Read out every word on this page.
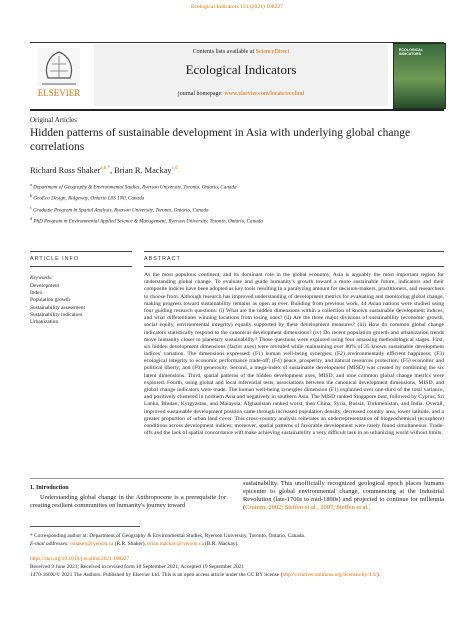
Ecological Indicators 131 (2021) 108227
ELSEVIER
Contents lists available at ScienceDirect
Ecological Indicators
journal homepage: www.elsevier.com/locate/ecolind
ECOLOGICAL INDICATORS
Original Articles
Hidden patterns of sustainable development in Asia with underlying global change correlations
Richard Ross Shaker$^{a,b,*}$, Brian R. Mackay$^{c,d}$
$^a$ Department of Geography & Environmental Studies, Ryerson University, Toronto, Ontario, Canada
$^b$ GeoEco Design, Ridgeway, Ontario L0S 1N0, Canada
$^c$ Graduate Program in Spatial Analysis, Ryerson University, Toronto, Ontario, Canada
$^d$ PhD Program in Environmental Applied Science & Management, Ryerson University, Toronto, Ontario, Canada
ARTICLE INFO	ABSTRACT
Keywords:
Development
Index
Population growth
Sustainability assessment
Sustainability indicators
Urbanization
As the most populous continent, and its dominant role in the global economy, Asia is arguably the most important region for understanding global change. To evaluate and guide humanity's growth toward a more sustainable future, indicators and their composite indices have been adopted as key tools resulting in a paralyzing amount for decision-makers, practitioners, and researchers to choose from. Although research has improved understanding of development metrics for evaluating and monitoring global change, making progress toward sustainability remains as open as ever. Building from previous work, 44 Asian nations were studied using four guiding research questions: (i) What are the hidden dimensions within a collection of known sustainable development indices, and what differentiates winning locations from losing ones? (ii) Are the three major divisions of sustainability (economic growth, social equity, environmental integrity) equally supported by these development measures? (iii) How do common global change indicators statistically respond to the canonical development dimensions? (iv) Do recent population growth and urbanization trends move humanity closer to planetary sustainability? Those questions were explored using four amassing methodological stages. First, six hidden development dimensions (factor axes) were revealed while maintaining over 80% of 35 known sustainable development indices' variation. The dimensions expressed: (F1) human well-being synergies; (F2) environmentally efficient happiness; (F3) ecological integrity to economic performance trade-off; (F4) peace, prosperity, and natural resources protection; (F5) economic and political liberty; and (F6) generosity. Second, a mega-index of sustainable development (MISD) was created by combining the six latent dimensions. Third, spatial patterns of the hidden development axes, MISD, and nine common global change metrics were explored. Fourth, using global and local inferential tests, associations between the canonical development dimensions, MISD, and global change indicators were made. The human well-being synergies dimension (F1) explained over one-third of the total variance, and positively clustered in northern Asia and negatively in southern Asia. The MISD ranked Singapore best, followed by Cyprus, Sri Lanka, Bhutan, Kyrgyzstan, and Malaysia; Afghanistan ranked worst, then China, Syria, Russia, Turkmenistan, and India. Overall, improved sustainable development position came through increased population density, decreased country area, lower latitude, and a greater proportion of urban land cover. This cross-country analysis reiterates an underrepresentation of biogeochemical (ecosphere) conditions across development indices; moreover, spatial patterns of favorable development were rarely found simultaneous. Trade-offs and the lack of spatial concordance will make achieving sustainability a very difficult task in an urbanizing world without limits.
1. Introduction
Understanding global change in the Anthropocene is a prerequisite for creating resilient communities on humanity's journey toward
sustainability. This unofficially recognized geological epoch places humans epicenter to global environmental change, commencing at the Industrial Revolution (late-1700s to mid-1800s) and projected to continue for millennia (Crutzen, 2002; Steffen et al., 2007; Steffen et al.,
* Corresponding author at: Department of Geography & Environmental Studies, Ryerson University, Toronto, Ontario, Canada.
E-mail addresses: rshaker@ryerson.ca (R.R. Shaker), brian.mackay@ryerson.ca (B.R. Mackay).
https://doi.org/10.1016/j.ecolind.2021.108227
Received 9 June 2021; Received in revised form 10 September 2021; Accepted 19 September 2021
1470-160X/© 2021 The Authors. Published by Elsevier Ltd. This is an open access article under the CC BY license (http://creativecommons.org/licenses/by/4.0/).
